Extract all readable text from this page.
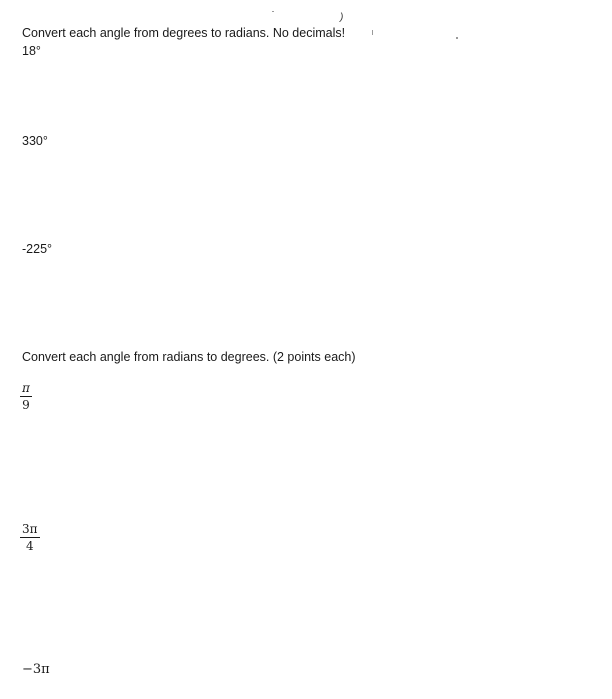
)
Convert each angle from degrees to radians. No decimals!
18°
330°
-225°
Convert each angle from radians to degrees. (2 points each)
π
9
3π
4
−3π
